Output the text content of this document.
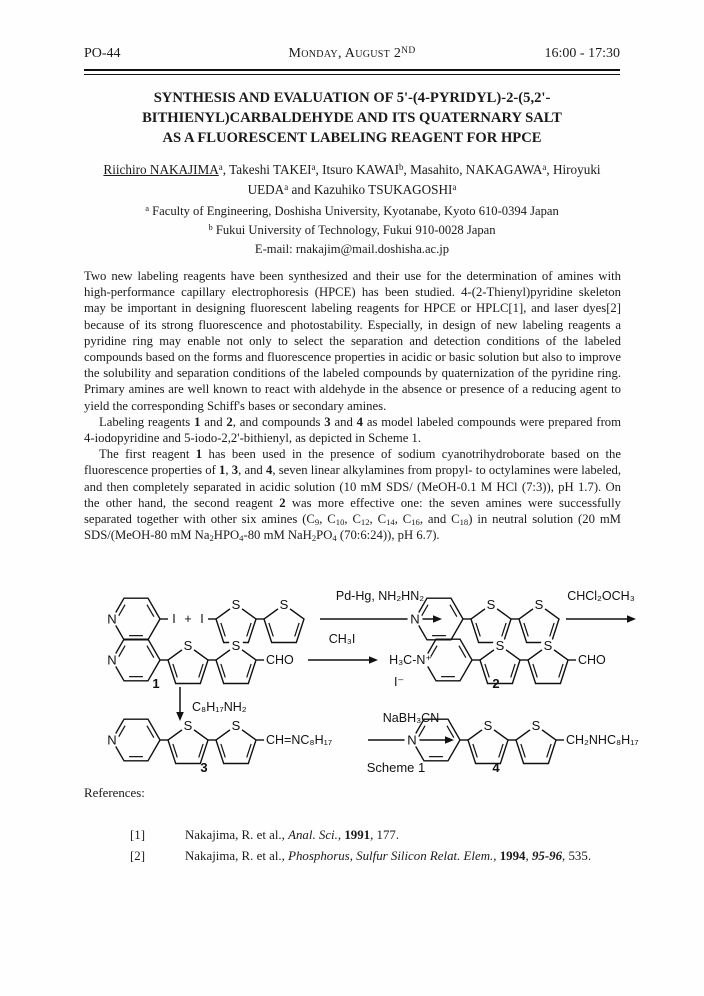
PO-44	Monday, August 2ND	16:00 - 17:30
SYNTHESIS AND EVALUATION OF 5'-(4-PYRIDYL)-2-(5,2'-
BITHIENYL)CARBALDEHYDE AND ITS QUATERNARY SALT
AS A FLUORESCENT LABELING REAGENT FOR HPCE
Riichiro NAKAJIMA$^a$, Takeshi TAKEI$^a$, Itsuro KAWAI$^b$, Masahito, NAKAGAWA$^a$, Hiroyuki
UEDA$^a$ and Kazuhiko TSUKAGOSHI$^a$
$^a$ Faculty of Engineering, Doshisha University, Kyotanabe, Kyoto 610-0394 Japan
$^b$ Fukui University of Technology, Fukui 910-0028 Japan
E-mail: rnakajim@mail.doshisha.ac.jp

Two new labeling reagents have been synthesized and their use for the determination of amines with high-performance capillary electrophoresis (HPCE) has been studied. 4-(2-Thienyl)pyridine skeleton may be important in designing fluorescent labeling reagents for HPCE or HPLC[1], and laser dyes[2] because of its strong fluorescence and photostability. Especially, in design of new labeling reagents a pyridine ring may enable not only to select the separation and detection conditions of the labeled compounds based on the forms and fluorescence properties in acidic or basic solution but also to improve the solubility and separation conditions of the labeled compounds by quaternization of the pyridine ring. Primary amines are well known to react with aldehyde in the absence or presence of a reducing agent to yield the corresponding Schiff's bases or secondary amines.

Labeling reagents 1 and 2, and compounds 3 and 4 as model labeled compounds were prepared from 4-iodopyridine and 5-iodo-2,2'-bithienyl, as depicted in Scheme 1.

The first reagent 1 has been used in the presence of sodium cyanotrihydroborate based on the fluorescence properties of 1, 3, and 4, seven linear alkylamines from propyl- to octylamines were labeled, and then completely separated in acidic solution (10 mM SDS/ (MeOH-0.1 M HCl (7:3)), pH 1.7). On the other hand, the second reagent 2 was more effective one: the seven amines were successfully separated together with other six amines ($C_9$, $C_{10}$, $C_{12}$, $C_{14}$, $C_{16}$, and $C_{18}$) in neutral solution (20 mM SDS/(MeOH-80 mM $Na_2HPO_4-80$ mM $NaH_2PO_4$ (70:6:24)), pH 6.7).

N	I + I
S	S
Pd-Hg, NH₂HN₂
N
S	S
CHCl₂OCH₃
N
S	S
CHO
1
CH₃I
H₃C-N⁺
S	S
CHO
I⁻	2
C₈H₁₇NH₂
N
S	S
CH=NC₈H₁₇
3
NaBH₃CN
Scheme 1
N
S	S
CH₂NHC₈H₁₇
4

References:

[1]	Nakajima, R. et al., Anal. Sci., 1991, 177.
[2]	Nakajima, R. et al., Phosphorus, Sulfur Silicon Relat. Elem., 1994, 95-96, 535.
